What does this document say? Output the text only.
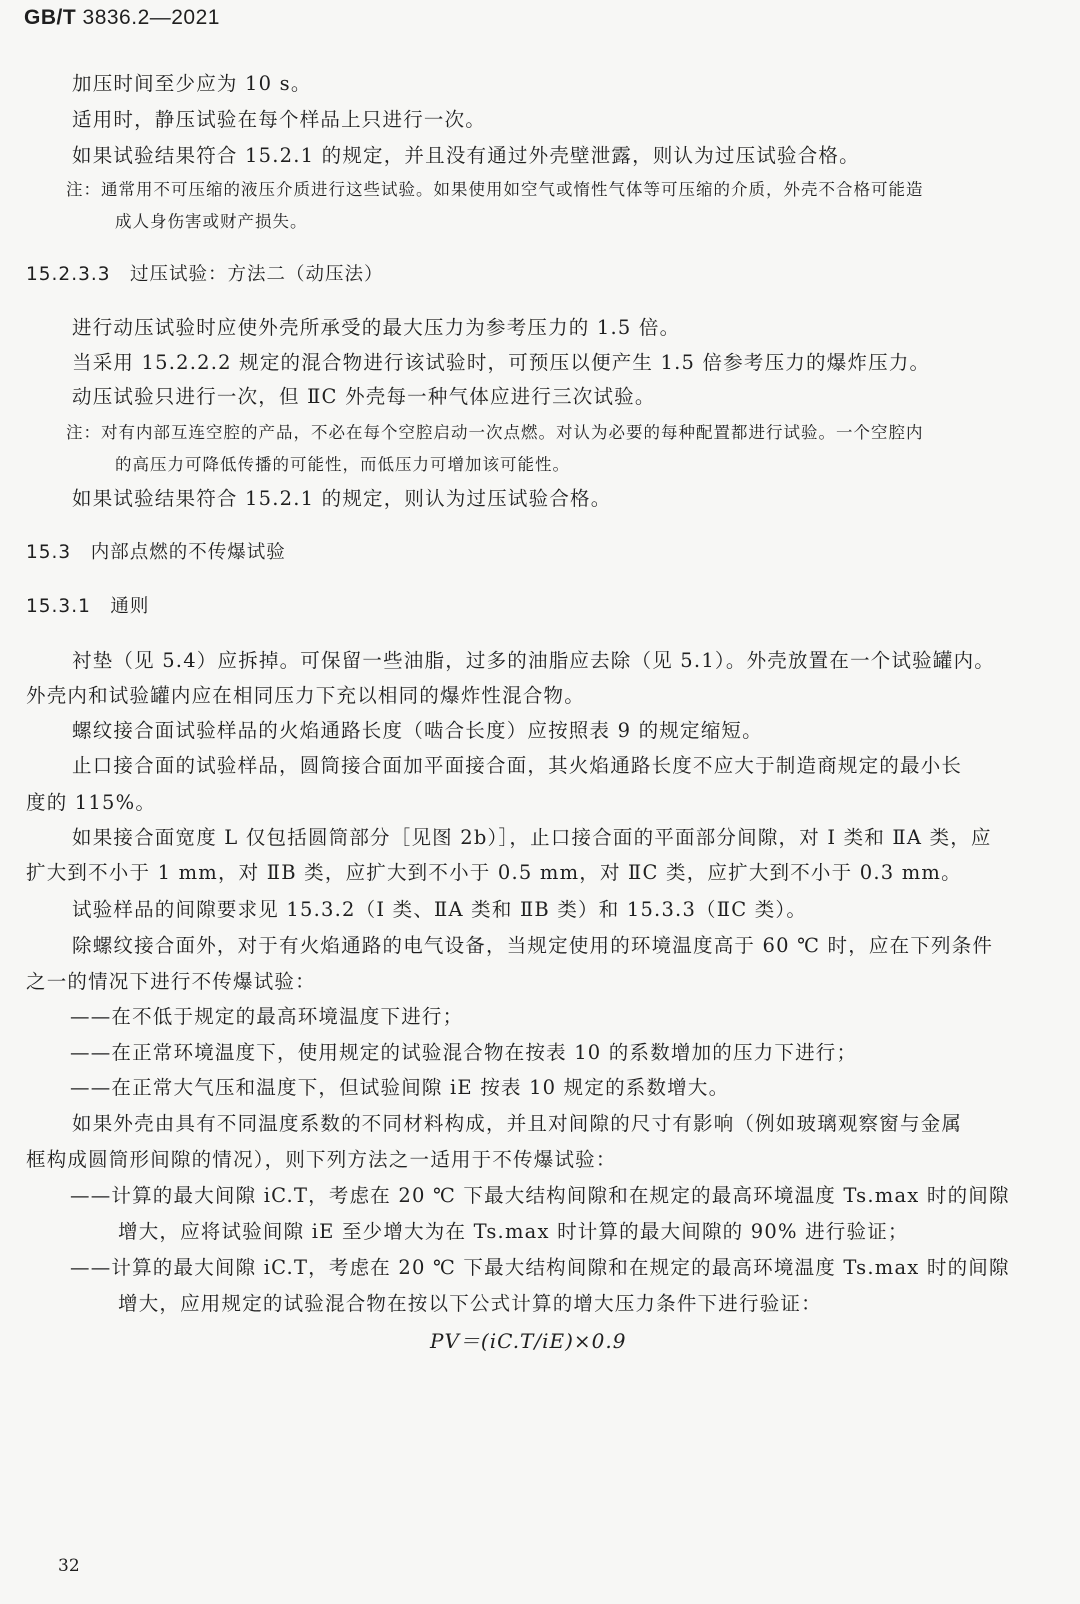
GB/T 3836.2—2021
加压时间至少应为 10 s。
适用时，静压试验在每个样品上只进行一次。
如果试验结果符合 15.2.1 的规定，并且没有通过外壳壁泄露，则认为过压试验合格。
注：通常用不可压缩的液压介质进行这些试验。如果使用如空气或惰性气体等可压缩的介质，外壳不合格可能造
成人身伤害或财产损失。
15.2.3.3　过压试验：方法二（动压法）
进行动压试验时应使外壳所承受的最大压力为参考压力的 1.5 倍。
当采用 15.2.2.2 规定的混合物进行该试验时，可预压以便产生 1.5 倍参考压力的爆炸压力。
动压试验只进行一次，但 ⅡC 外壳每一种气体应进行三次试验。
注：对有内部互连空腔的产品，不必在每个空腔启动一次点燃。对认为必要的每种配置都进行试验。一个空腔内
的高压力可降低传播的可能性，而低压力可增加该可能性。
如果试验结果符合 15.2.1 的规定，则认为过压试验合格。
15.3　内部点燃的不传爆试验
15.3.1　通则
衬垫（见 5.4）应拆掉。可保留一些油脂，过多的油脂应去除（见 5.1）。外壳放置在一个试验罐内。
外壳内和试验罐内应在相同压力下充以相同的爆炸性混合物。
螺纹接合面试验样品的火焰通路长度（啮合长度）应按照表 9 的规定缩短。
止口接合面的试验样品，圆筒接合面加平面接合面，其火焰通路长度不应大于制造商规定的最小长
度的 115%。
如果接合面宽度 L 仅包括圆筒部分［见图 2b）］，止口接合面的平面部分间隙，对 Ⅰ 类和 ⅡA 类，应
扩大到不小于 1 mm，对 ⅡB 类，应扩大到不小于 0.5 mm，对 ⅡC 类，应扩大到不小于 0.3 mm。
试验样品的间隙要求见 15.3.2（Ⅰ 类、ⅡA 类和 ⅡB 类）和 15.3.3（ⅡC 类）。
除螺纹接合面外，对于有火焰通路的电气设备，当规定使用的环境温度高于 60 ℃ 时，应在下列条件
之一的情况下进行不传爆试验：
——在不低于规定的最高环境温度下进行；
——在正常环境温度下，使用规定的试验混合物在按表 10 的系数增加的压力下进行；
——在正常大气压和温度下，但试验间隙 iE 按表 10 规定的系数增大。
如果外壳由具有不同温度系数的不同材料构成，并且对间隙的尺寸有影响（例如玻璃观察窗与金属
框构成圆筒形间隙的情况），则下列方法之一适用于不传爆试验：
——计算的最大间隙 iC.T，考虑在 20 ℃ 下最大结构间隙和在规定的最高环境温度 Ts.max 时的间隙
增大，应将试验间隙 iE 至少增大为在 Ts.max 时计算的最大间隙的 90% 进行验证；
——计算的最大间隙 iC.T，考虑在 20 ℃ 下最大结构间隙和在规定的最高环境温度 Ts.max 时的间隙
增大，应用规定的试验混合物在按以下公式计算的增大压力条件下进行验证：
PV＝(iC.T/iE)×0.9
32
